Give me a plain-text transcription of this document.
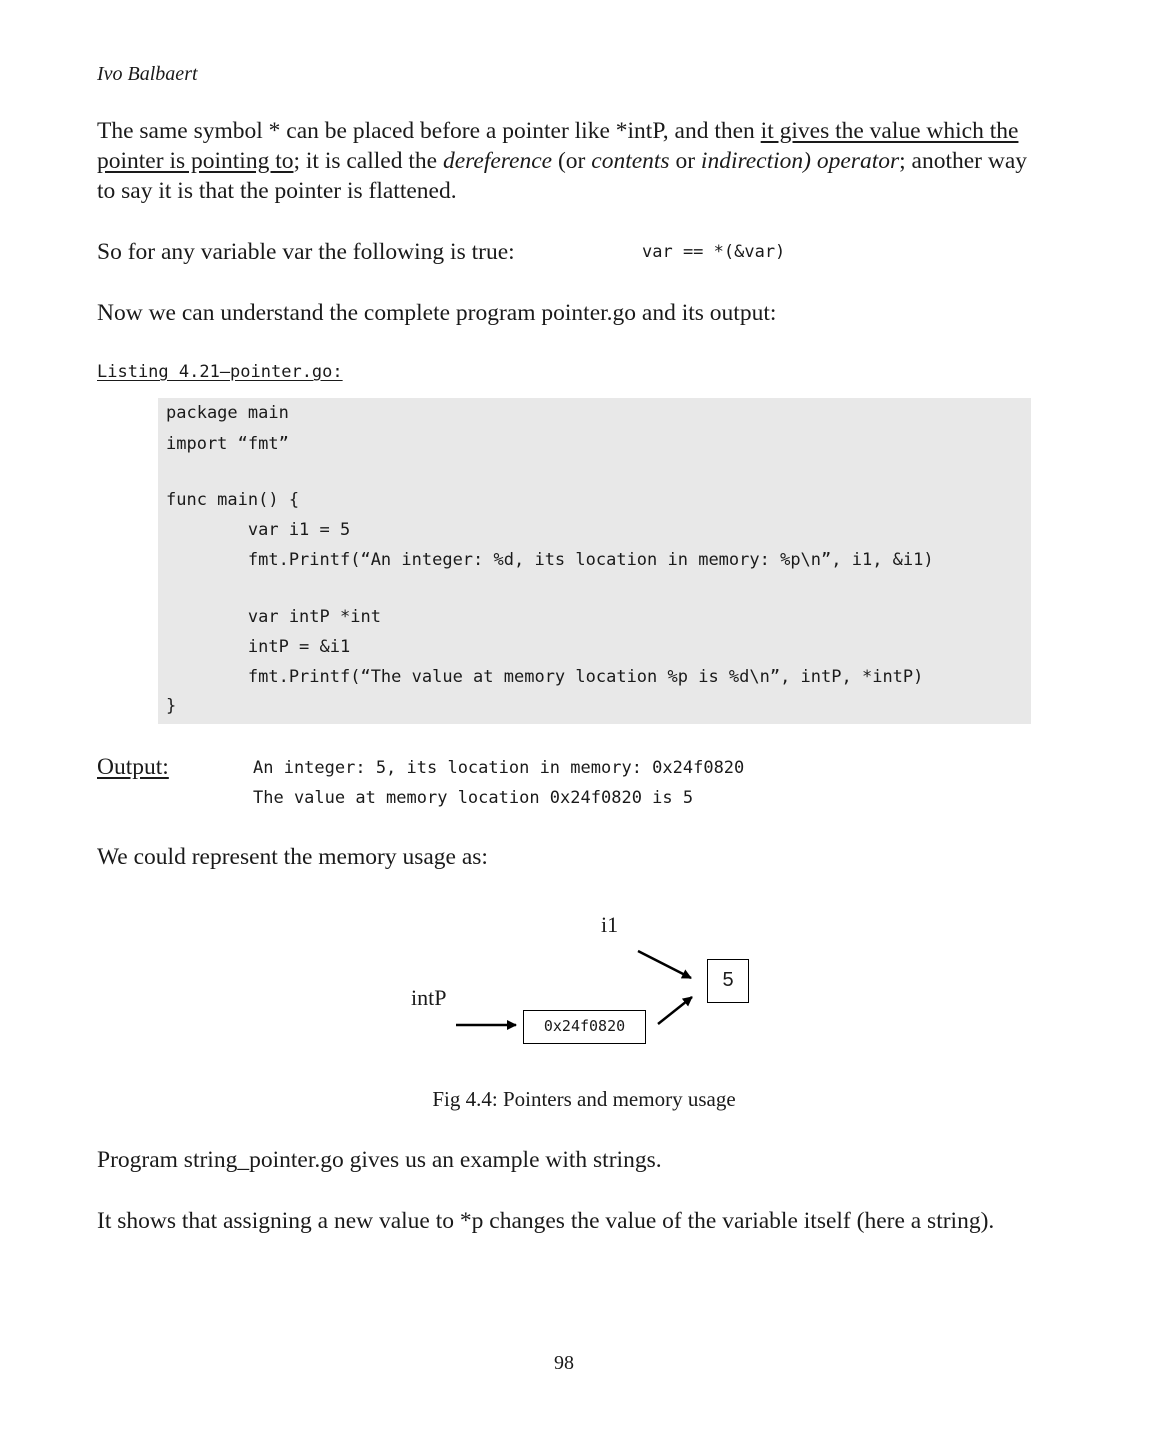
Ivo Balbaert
The same symbol * can be placed before a pointer like *intP, and then it gives the value which the pointer is pointing to; it is called the dereference (or contents or indirection) operator; another way to say it is that the pointer is flattened.
So for any variable var the following is true:	var == *(&var)
Now we can understand the complete program pointer.go and its output:
Listing 4.21—pointer.go:
package main
import “fmt”
func main() {
var i1 = 5
fmt.Printf(“An integer: %d, its location in memory: %p\n”, i1, &i1)
var intP *int
intP = &i1
fmt.Printf(“The value at memory location %p is %d\n”, intP, *intP)
}
Output:	An integer: 5, its location in memory: 0x24f0820
The value at memory location 0x24f0820 is 5
We could represent the memory usage as:
i1
intP
0x24f0820
5
Fig 4.4: Pointers and memory usage
Program string_pointer.go gives us an example with strings.
It shows that assigning a new value to *p changes the value of the variable itself (here a string).
98
